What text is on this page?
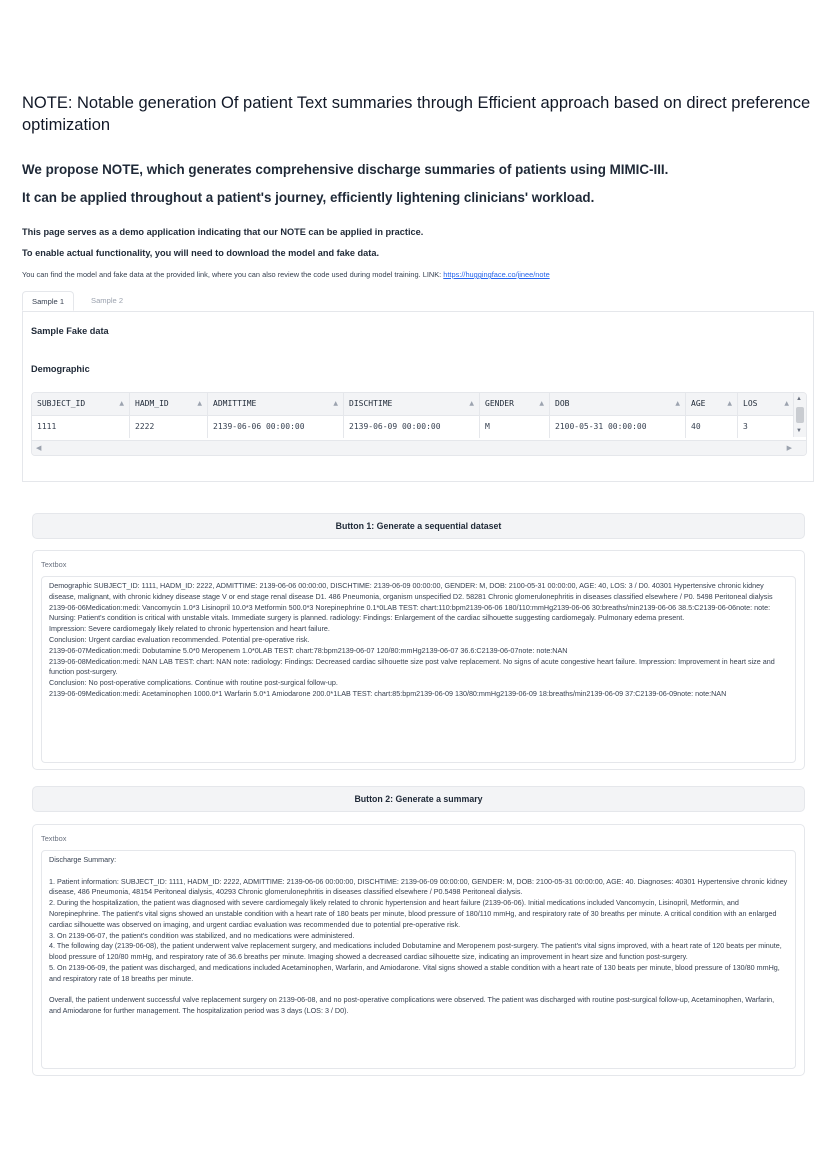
NOTE: Notable generation Of patient Text summaries through Efficient approach based on direct preference optimization

We propose NOTE, which generates comprehensive discharge summaries of patients using MIMIC-III.

It can be applied throughout a patient's journey, efficiently lightening clinicians' workload.

This page serves as a demo application indicating that our NOTE can be applied in practice.

To enable actual functionality, you will need to download the model and fake data.

You can find the model and fake data at the provided link, where you can also review the code used during model training. LINK: https://huggingface.co/jinee/note

Sample 1	Sample 2
Sample Fake data
Demographic
SUBJECT_ID	▲	HADM_ID	▲	ADMITTIME	▲	DISCHTIME	▲	GENDER	▲	DOB	▲	AGE	▲	LOS	▲
1111	2222	2139-06-06 00:00:00	2139-06-09 00:00:00	M	2100-05-31 00:00:00	40	3
▲
▼
◀	▶
Button 1: Generate a sequential dataset
Textbox

Demographic SUBJECT_ID: 1111, HADM_ID: 2222, ADMITTIME: 2139-06-06 00:00:00, DISCHTIME: 2139-06-09 00:00:00, GENDER: M, DOB: 2100-05-31 00:00:00, AGE: 40, LOS: 3 / D0. 40301 Hypertensive chronic kidney disease, malignant, with chronic kidney disease stage V or end stage renal disease D1. 486 Pneumonia, organism unspecified D2. 58281 Chronic glomerulonephritis in diseases classified elsewhere / P0. 5498 Peritoneal dialysis

2139-06-06Medication:medi: Vancomycin 1.0*3 Lisinopril 10.0*3 Metformin 500.0*3 Norepinephrine 0.1*0LAB TEST: chart:110:bpm2139-06-06 180/110:mmHg2139-06-06 30:breaths/min2139-06-06 38.5:C2139-06-06note: note: Nursing: Patient's condition is critical with unstable vitals. Immediate surgery is planned. radiology: Findings: Enlargement of the cardiac silhouette suggesting cardiomegaly. Pulmonary edema present.

Impression: Severe cardiomegaly likely related to chronic hypertension and heart failure.

Conclusion: Urgent cardiac evaluation recommended. Potential pre-operative risk.

2139-06-07Medication:medi: Dobutamine 5.0*0 Meropenem 1.0*0LAB TEST: chart:78:bpm2139-06-07 120/80:mmHg2139-06-07 36.6:C2139-06-07note: note:NAN

2139-06-08Medication:medi: NAN LAB TEST: chart: NAN note: radiology: Findings: Decreased cardiac silhouette size post valve replacement. No signs of acute congestive heart failure. Impression: Improvement in heart size and function post-surgery.

Conclusion: No post-operative complications. Continue with routine post-surgical follow-up.

2139-06-09Medication:medi: Acetaminophen 1000.0*1 Warfarin 5.0*1 Amiodarone 200.0*1LAB TEST: chart:85:bpm2139-06-09 130/80:mmHg2139-06-09 18:breaths/min2139-06-09 37:C2139-06-09note: note:NAN

Button 2: Generate a summary
Textbox

Discharge Summary:

1. Patient information: SUBJECT_ID: 1111, HADM_ID: 2222, ADMITTIME: 2139-06-06 00:00:00, DISCHTIME: 2139-06-09 00:00:00, GENDER: M, DOB: 2100-05-31 00:00:00, AGE: 40. Diagnoses: 40301 Hypertensive chronic kidney disease, 486 Pneumonia, 48154 Peritoneal dialysis, 40293 Chronic glomerulonephritis in diseases classified elsewhere / P0.5498 Peritoneal dialysis.

2. During the hospitalization, the patient was diagnosed with severe cardiomegaly likely related to chronic hypertension and heart failure (2139-06-06). Initial medications included Vancomycin, Lisinopril, Metformin, and Norepinephrine. The patient's vital signs showed an unstable condition with a heart rate of 180 beats per minute, blood pressure of 180/110 mmHg, and respiratory rate of 30 breaths per minute. A critical condition with an enlarged cardiac silhouette was observed on imaging, and urgent cardiac evaluation was recommended due to potential pre-operative risk.

3. On 2139-06-07, the patient's condition was stabilized, and no medications were administered.

4. The following day (2139-06-08), the patient underwent valve replacement surgery, and medications included Dobutamine and Meropenem post-surgery. The patient's vital signs improved, with a heart rate of 120 beats per minute, blood pressure of 120/80 mmHg, and respiratory rate of 36.6 breaths per minute. Imaging showed a decreased cardiac silhouette size, indicating an improvement in heart size and function post-surgery.

5. On 2139-06-09, the patient was discharged, and medications included Acetaminophen, Warfarin, and Amiodarone. Vital signs showed a stable condition with a heart rate of 130 beats per minute, blood pressure of 130/80 mmHg, and respiratory rate of 18 breaths per minute.

Overall, the patient underwent successful valve replacement surgery on 2139-06-08, and no post-operative complications were observed. The patient was discharged with routine post-surgical follow-up, Acetaminophen, Warfarin, and Amiodarone for further management. The hospitalization period was 3 days (LOS: 3 / D0).
